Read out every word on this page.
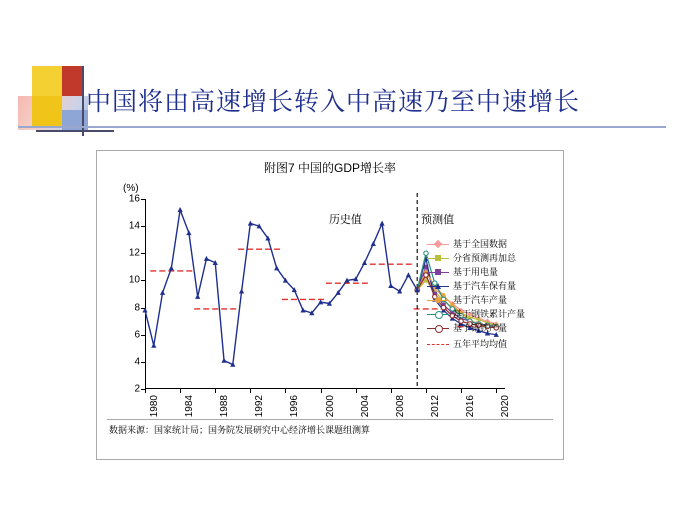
中国将由高速增长转入中高速乃至中速增长
附图7 中国的GDP增长率
(%)
2
4
6
8
10
12
14
16
1980 1984 1988 1992 1996 2000 2004 2008 2012 2016 2020
历史值	预测值
基于全国数据
分省预测再加总
基于用电量
基于汽车保有量
基于汽车产量
基于钢铁累计产量
基于钢铁产量
五年平均均值
数据来源：国家统计局；国务院发展研究中心经济增长课题组测算
